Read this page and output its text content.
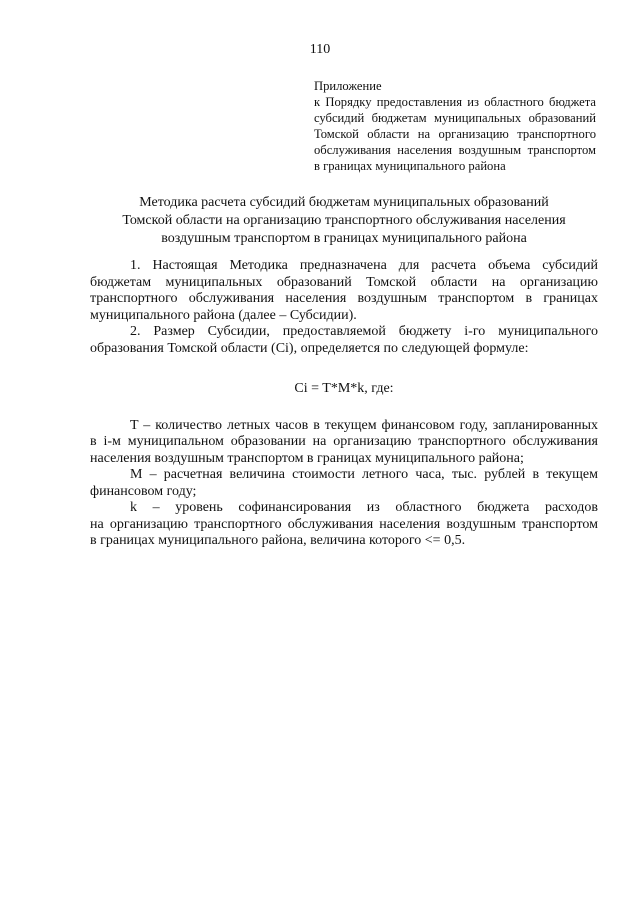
110
Приложение
к Порядку предоставления из областного бюджета
субсидий бюджетам муниципальных образований
Томской области на организацию транспортного
обслуживания населения воздушным транспортом
в границах муниципального района
Методика расчета субсидий бюджетам муниципальных образований
Томской области на организацию транспортного обслуживания населения
воздушным транспортом в границах муниципального района
1. Настоящая Методика предназначена для расчета объема субсидий
бюджетам муниципальных образований Томской области на организацию
транспортного обслуживания населения воздушным транспортом в границах
муниципального района (далее – Субсидии).
2. Размер Субсидии, предоставляемой бюджету i-го муниципального
образования Томской области (Ci), определяется по следующей формуле:
Ci = T*M*k, где:
T – количество летных часов в текущем финансовом году, запланированных
в i-м муниципальном образовании на организацию транспортного обслуживания
населения воздушным транспортом в границах муниципального района;
M – расчетная величина стоимости летного часа, тыс. рублей в текущем
финансовом году;
k – уровень софинансирования из областного бюджета расходов
на организацию транспортного обслуживания населения воздушным транспортом
в границах муниципального района, величина которого <= 0,5.
